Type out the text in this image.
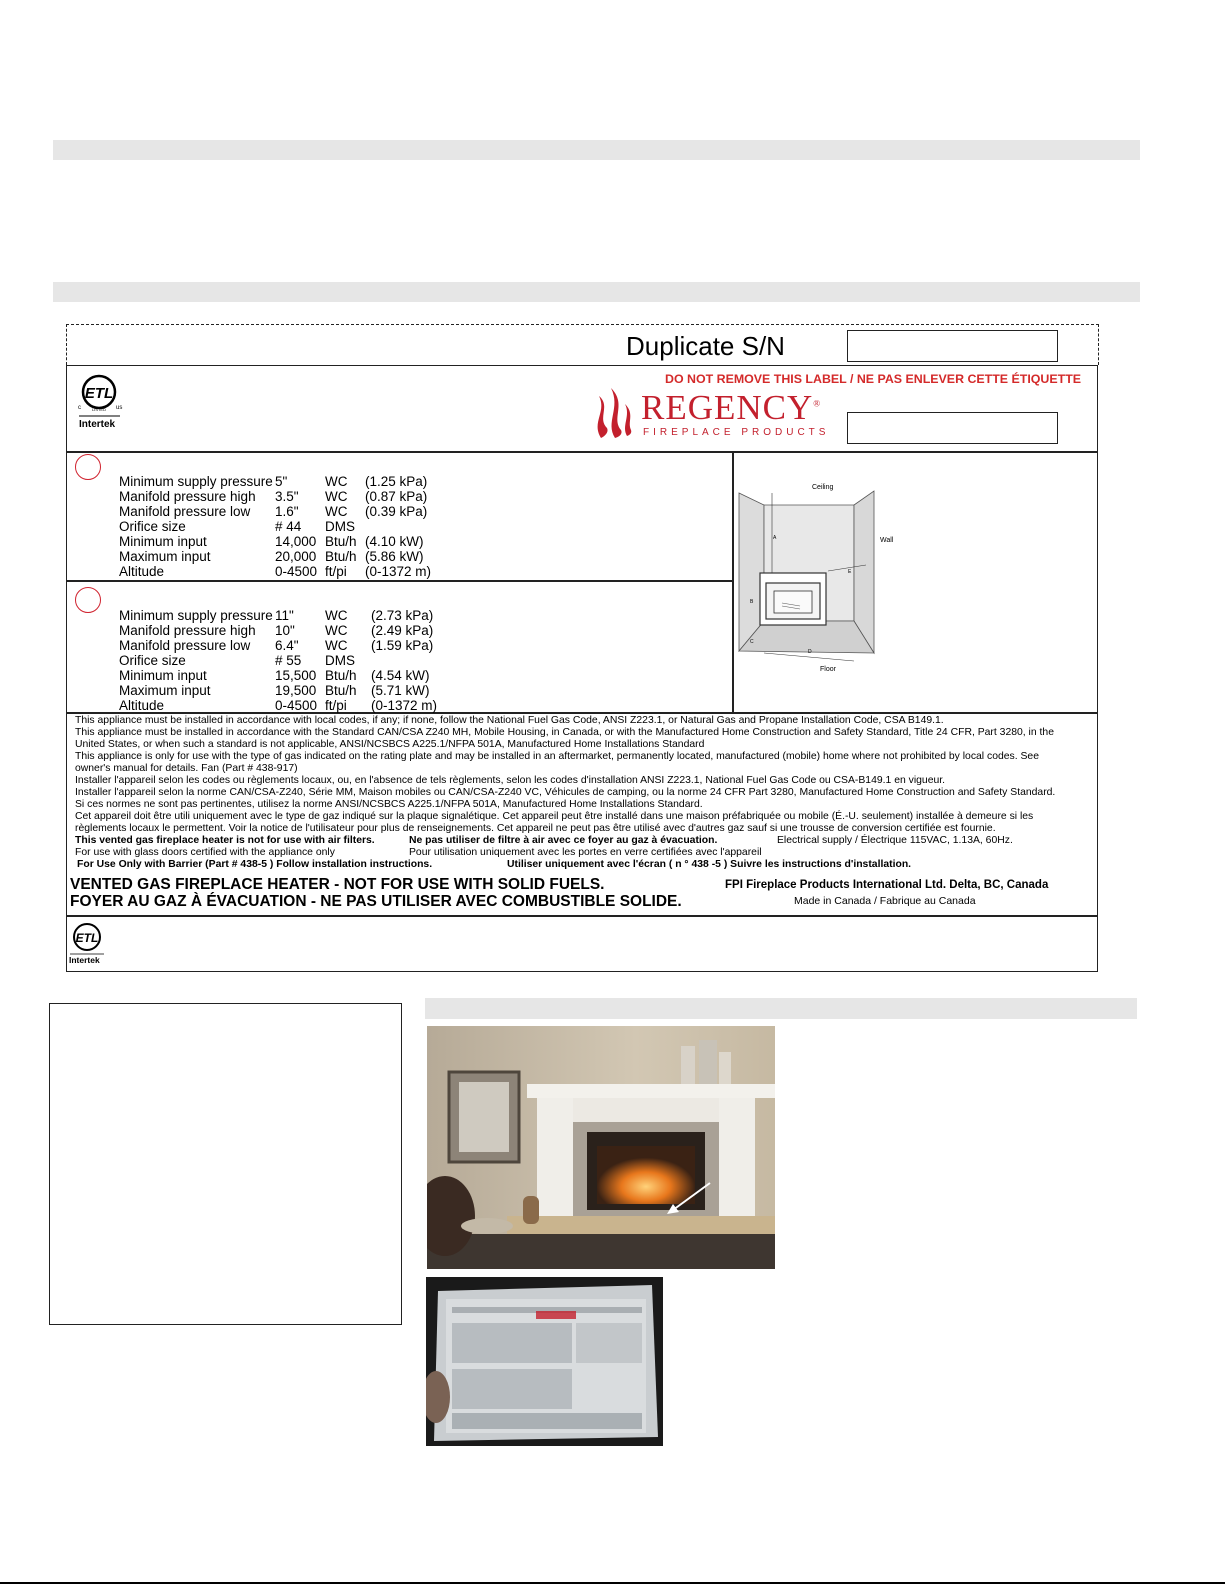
Duplicate S/N
ETL
c	LISTED us
Intertek
DO NOT REMOVE THIS LABEL / NE PAS ENLEVER CETTE ÉTIQUETTE
REGENCY®
FIREPLACE PRODUCTS
Minimum supply pressure 5"	WC (1.25 kPa)
Manifold pressure high 3.5" WC (0.87 kPa)
Manifold pressure low 1.6" WC (0.39 kPa)
Orifice size	# 44 DMS
Minimum input	14,000 Btu/h (4.10 kW)
Maximum input	20,000 Btu/h (5.86 kW)
Altitude	0-4500 ft/pi (0-1372 m)
Minimum supply pressure 11" WC (2.73 kPa)
Manifold pressure high 10" WC (2.49 kPa)
Manifold pressure low 6.4" WC (1.59 kPa)
Orifice size	# 55 DMS
Minimum input	15,500 Btu/h (4.54 kW)
Maximum input	19,500 Btu/h (5.71 kW)
Altitude	0-4500 ft/pi (0-1372 m)
Ceiling
Wall
Floor
A
B
C
D
E
This appliance must be installed in accordance with local codes, if any; if none, follow the National Fuel Gas Code, ANSI Z223.1, or Natural Gas and Propane Installation Code, CSA B149.1.
This appliance must be installed in accordance with the Standard CAN/CSA Z240 MH, Mobile Housing, in Canada, or with the Manufactured Home Construction and Safety Standard, Title 24 CFR, Part 3280, in the
United States, or when such a standard is not applicable, ANSI/NCSBCS A225.1/NFPA 501A, Manufactured Home Installations Standard
This appliance is only for use with the type of gas indicated on the rating plate and may be installed in an aftermarket, permanently located, manufactured (mobile) home where not prohibited by local codes. See
owner's manual for details. Fan (Part # 438-917)
Installer l'appareil selon les codes ou règlements locaux, ou, en l'absence de tels règlements, selon les codes d'installation ANSI Z223.1, National Fuel Gas Code ou CSA-B149.1 en vigueur.
Installer l'appareil selon la norme CAN/CSA-Z240, Série MM, Maison mobiles ou CAN/CSA-Z240 VC, Véhicules de camping, ou la norme 24 CFR Part 3280, Manufactured Home Construction and Safety Standard.
Si ces normes ne sont pas pertinentes, utilisez la norme ANSI/NCSBCS A225.1/NFPA 501A, Manufactured Home Installations Standard.
Cet appareil doit être utili uniquement avec le type de gaz indiqué sur la plaque signalétique. Cet appareil peut être installé dans une maison préfabriquée ou mobile (É.-U. seulement) installée à demeure si les
règlements locaux le permettent. Voir la notice de l'utilisateur pour plus de renseignements. Cet appareil ne peut pas être utilisé avec d'autres gaz sauf si une trousse de conversion certifiée est fournie.
This vented gas fireplace heater is not for use with air filters.	Ne pas utiliser de filtre à air avec ce foyer au gaz à évacuation.	Electrical supply / Électrique 115VAC, 1.13A, 60Hz.
For use with glass doors certified with the appliance only	Pour utilisation uniquement avec les portes en verre certifiées avec l'appareil
For Use Only with Barrier (Part # 438-5 ) Follow installation instructions.	Utiliser uniquement avec l'écran ( n ° 438 -5 ) Suivre les instructions d'installation.
VENTED GAS FIREPLACE HEATER - NOT FOR USE WITH SOLID FUELS.
FOYER AU GAZ À ÉVACUATION - NE PAS UTILISER AVEC COMBUSTIBLE SOLIDE.
FPI Fireplace Products International Ltd. Delta, BC, Canada
Made in Canada / Fabrique au Canada
ETL
Intertek
